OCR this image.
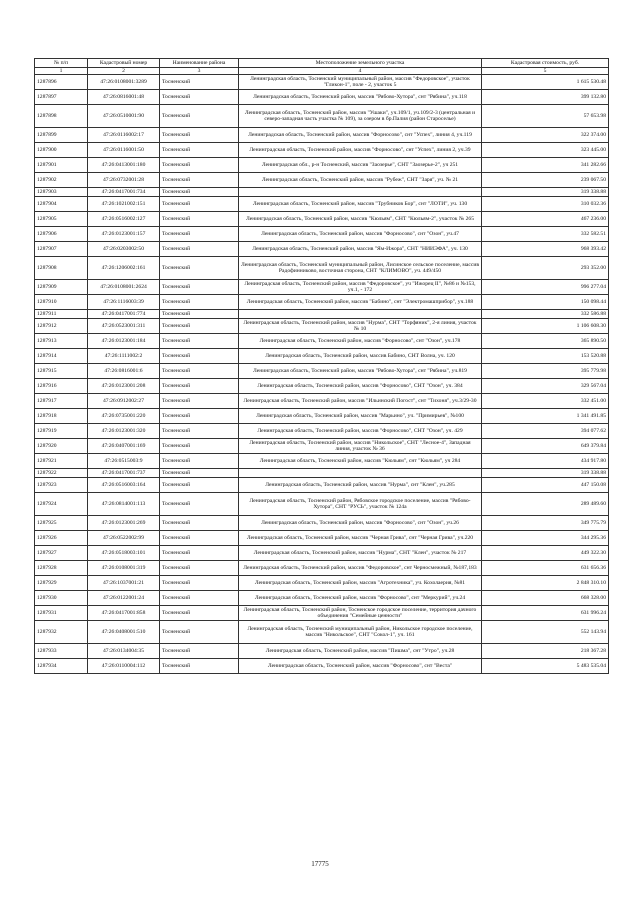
№ п/п	Кадастровый номер	Наименование района	Местоположение земельного участка	Кадастровая стоимость, руб.
1	2	3	4	5
1287896	47:26:0108001:3289	Тосненский	Ленинградская область, Тосненский муниципальный район, массив "Федоровское", участок "Гликон-1", поле - 2, участок 5	1 615 530.48
1287897	47:26:0816001:48	Тосненский	Ленинградская область, Тосненский район, массив "Рябово-Хутора", снт "Рябина", уч.118	399 132.80
1287898	47:26:0510001:90	Тосненский	Ленинградская область, Тосненский район, массив "Ушаки", уч.109/1, уч.109/2-3 (центральная и северо-западная часть участка № 109), за озером в бр.Палия (район Староселье)	57 653.98
1287899	47:26:0116002:17	Тосненский	Ленинградская область, Тосненский район, массив "Форносово", снт "Успех", линия 4, уч.119	322 374.00
1287900	47:26:0116001:50	Тосненский	Ленинградская область, Тосненский район, массив "Форносово", снт "Успех", линия 2, уч.39	323 445.00
1287901	47:26:0413001:180	Тосненский	Ленинградская обл., р-н Тосненский, массив "Заозерье", СНТ "Заозерье-2", уч 251	341 282.66
1287902	47:26:0732001:28	Тосненский	Ленинградская область, Тосненский район, массив "Рубеж", СНТ "Заря", уч. № 21	239 067.50
1287903	47:26:0417001:734	Тосненский		319 338.88
1287904	47:26:1021002:151	Тосненский	Ленинградская область, Тосненский район, массив "Трубников Бор", снт "ЛОТИ", уч. 130	310 032.36
1287905	47:26:0516002:127	Тосненский	Ленинградская область, Тосненский район, массив "Кюльям", СНТ "Кюльям-2", участок № 265	467 236.00
1287906	47:26:0123001:157	Тосненский	Ленинградская область, Тосненский район, массив "Форносово", снт "Озон", уч.47	332 582.51
1287907	47:26:0203002:50	Тосненский	Ленинградская область, Тосненский район, массив "Ям-Ижора", СНТ "НИИЭФА", уч. 130	968 393.42
1287908	47:26:1206002:161	Тосненский	Ленинградская область, Тосненский муниципальный район, Лисинское сельское поселение, массив Радофинниково, восточная сторона, СНТ "КЛИМОВО", уч. 449/450	293 352.00
1287909	47:26:0108001:2624	Тосненский	Ленинградская область, Тосненский район, массив "Федоровское", уч "Ижорец II", №86 и №153, уч.1, - 172	996 277.04
1287910	47:26:1116003:39	Тосненский	Ленинградская область, Тосненский район, массив "Бабино", снт "Электромашприбор", уч.188	150 098.44
1287911	47:26:0417001:774	Тосненский		332 586.88
1287912	47:26:0523001:311	Тосненский	Ленинградская область, Тосненский район, массив "Нурма", СНТ "Торфяник", 2-я линия, участок № 10	1 106 608.30
1287913	47:26:0123001:184	Тосненский	Ленинградская область, Тосненский район, массив "Форносово", снт "Озон", уч.178	365 890.50
1287914	47:26:1111002:2	Тосненский	Ленинградская область, Тосненский район, массив Бабино, СНТ Волна, уч. 120	153 520.88
1287915	47:26:0816001:6	Тосненский	Ленинградская область, Тосненский район, массив "Рябово-Хутора", снт "Рябина", уч.819	395 779.98
1287916	47:26:0123001:208	Тосненский	Ленинградская область, Тосненский район, массив "Форносово", СНТ "Озон", уч. 384	329 567.04
1287917	47:26:0912002:27	Тосненский	Ленинградская область, Тосненский район, массив "Ильинский Погост", снт "Тихоня", уч.3/29-30	332 451.00
1287918	47:26:0735001:220	Тосненский	Ленинградская область, Тосненский район, массив "Марьино", уч. "Примирьев", №100	1 341 491.85
1287919	47:26:0123001:320	Тосненский	Ленинградская область, Тосненский район, массив "Форносово", СНТ "Озон", уч. 429	394 077.62
1287920	47:26:0407001:169	Тосненский	Ленинградская область, Тосненский район, массив "Никольское", СНТ "Лесное-4", Западная линия, участок № 36	649 379.84
1287921	47:26:0515003:9	Тосненский	Ленинградская область, Тосненский район, массив "Кюльям", снт "Кюльям", уч 284	434 917.80
1287922	47:26:0417001:737	Тосненский		319 338.88
1287923	47:26:0516003:164	Тосненский	Ленинградская область, Тосненский район, массив "Нурма", снт "Клен", уч.285	447 150.08
1287924	47:26:0814001:113	Тосненский	Ленинградская область, Тосненский район, Рябовское городское поселение, массив "Рябово-Хутора", СНТ "РУСЬ", участок № 124а	289 489.60
1287925	47:26:0123001:269	Тосненский	Ленинградская область, Тосненский район, массив "Форносово", снт "Озон", уч.26	349 775.79
1287926	47:26:0522002:99	Тосненский	Ленинградская область, Тосненский район, массив "Черная Грива", снт "Черная Грива", уч.220	344 295.36
1287927	47:26:0518003:101	Тосненский	Ленинградская область, Тосненский район, массив "Нурма", СНТ "Клен", участок № 217	449 322.30
1287928	47:26:0108001:319	Тосненский	Ленинградская область, Тосненский район, массив "Федоровское", снт Черносмежный, №187,183	631 656.36
1287929	47:26:1037001:21	Тосненский	Ленинградская область, Тосненский район, массив "Агротехника", уч. Кохолаерия, №81	2 848 310.10
1287930	47:26:0122001:24	Тосненский	Ленинградская область, Тосненский район, массив "Форносово", снт "Меркурий", уч.24	668 328.00
1287931	47:26:0417001:858	Тосненский	Ленинградская область, Тосненский район, Тосненское городское поселение, территория дачного объединения "Семейные ценности"	631 996.24
1287932	47:26:0408001:510	Тосненский	Ленинградская область, Тосненский муниципальный район, Никольское городское поселение, массив "Никольское", СНТ "Сокол-1", уч. 161	552 143.94
1287933	47:26:0134004:35	Тосненский	Ленинградская область, Тосненский район, массив "Пишма", снт "Утро", уч.28	218 367.28
1287934	47:26:0110004:112	Тосненский	Ленинградская область, Тосненский район, массив "Форносово", снт "Веста"	5 483 535.04
17775
